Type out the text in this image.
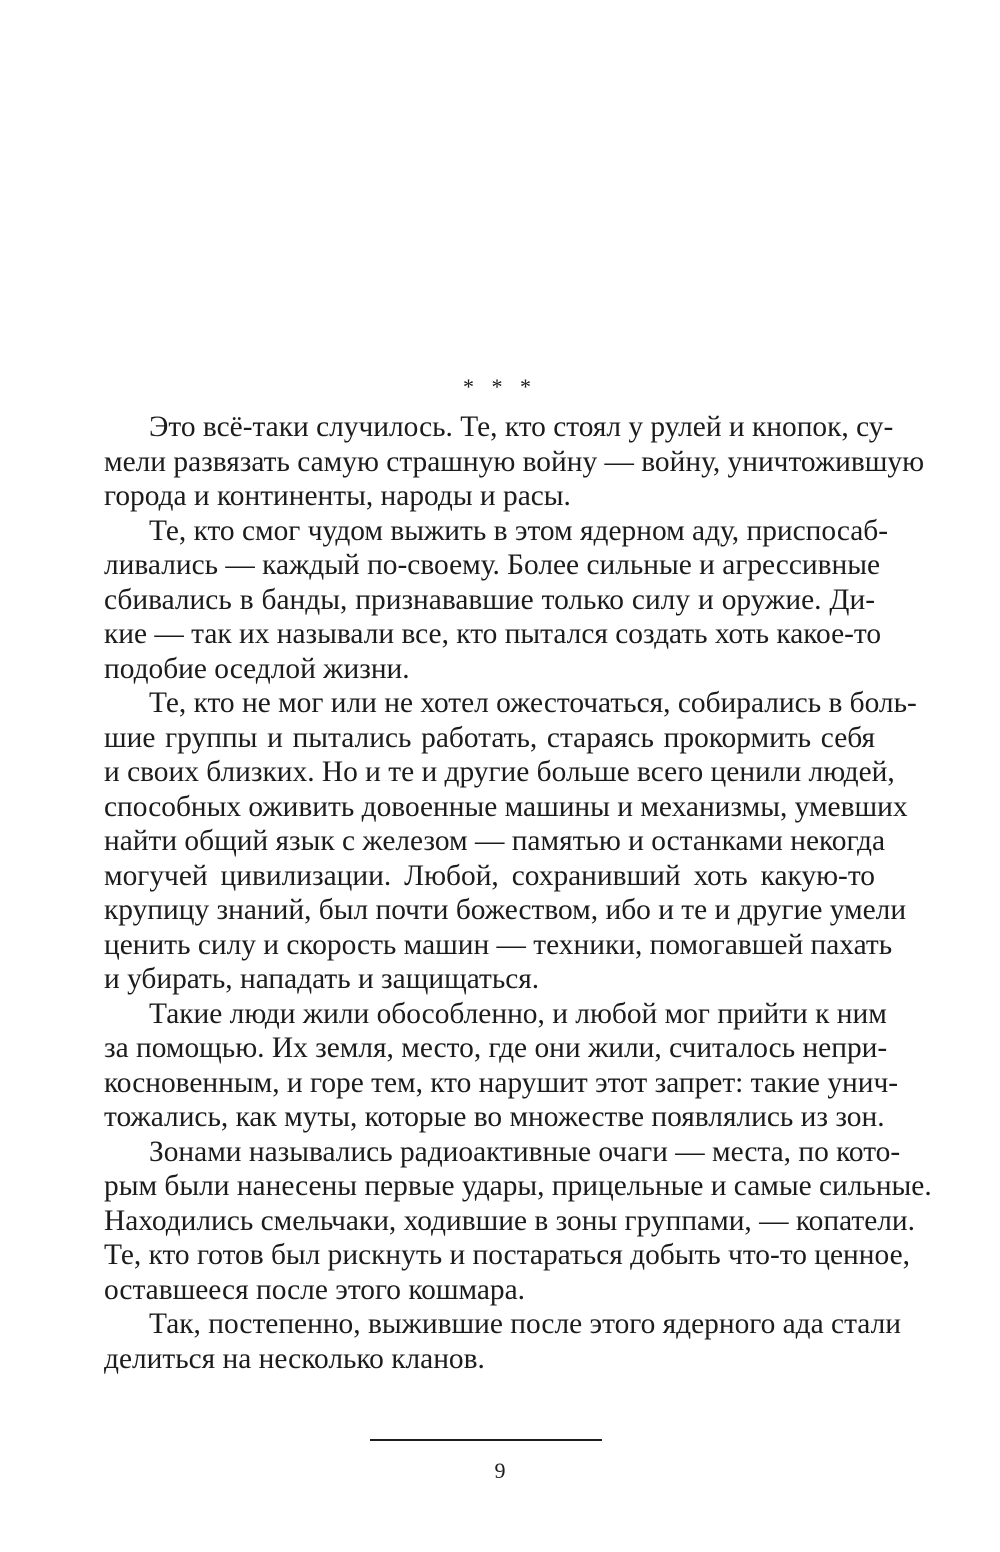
* * *
Это всё-таки случилось. Те, кто стоял у рулей и кнопок, су-
мели развязать самую страшную войну — войну, уничтожившую
города и континенты, народы и расы.
Те, кто смог чудом выжить в этом ядерном аду, приспосаб-
ливались — каждый по-своему. Более сильные и агрессивные
сбивались в банды, признававшие только силу и оружие. Ди-
кие — так их называли все, кто пытался создать хоть какое-то
подобие оседлой жизни.
Те, кто не мог или не хотел ожесточаться, собирались в боль-
шие группы и пытались работать, стараясь прокормить себя
и своих близких. Но и те и другие больше всего ценили людей,
способных оживить довоенные машины и механизмы, умевших
найти общий язык с железом — памятью и останками некогда
могучей цивилизации. Любой, сохранивший хоть какую-то
крупицу знаний, был почти божеством, ибо и те и другие умели
ценить силу и скорость машин — техники, помогавшей пахать
и убирать, нападать и защищаться.
Такие люди жили обособленно, и любой мог прийти к ним
за помощью. Их земля, место, где они жили, считалось непри-
косновенным, и горе тем, кто нарушит этот запрет: такие унич-
тожались, как муты, которые во множестве появлялись из зон.
Зонами назывались радиоактивные очаги — места, по кото-
рым были нанесены первые удары, прицельные и самые сильные.
Находились смельчаки, ходившие в зоны группами, — копатели.
Те, кто готов был рискнуть и постараться добыть что-то ценное,
оставшееся после этого кошмара.
Так, постепенно, выжившие после этого ядерного ада стали
делиться на несколько кланов.
9
